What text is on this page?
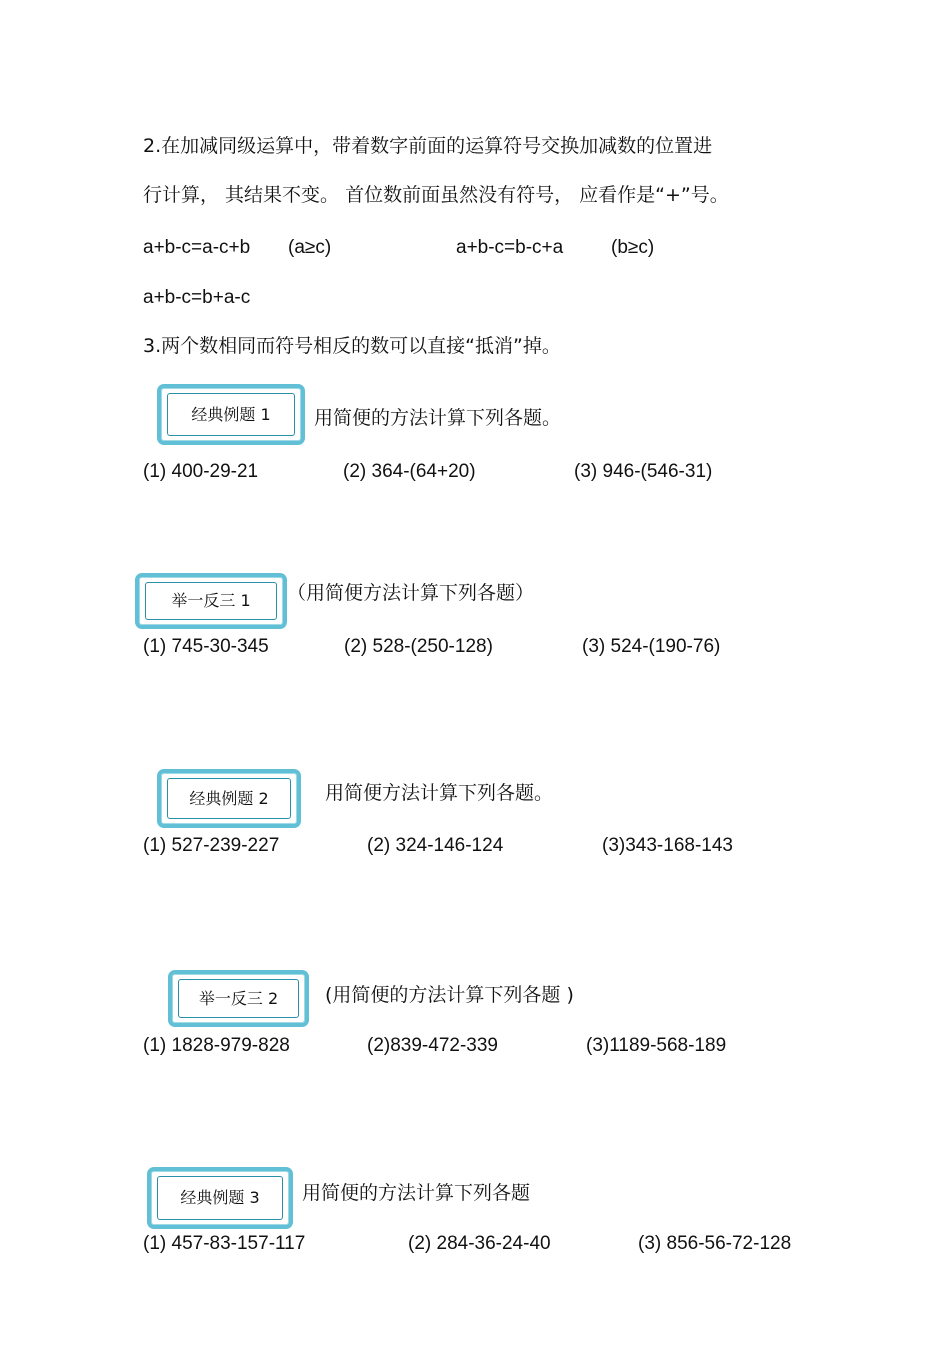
2.在加减同级运算中，带着数字前面的运算符号交换加减数的位置进
行计算， 其结果不变。 首位数前面虽然没有符号， 应看作是“+”号。
a+b-c=a-c+b (a≥c)	a+b-c=b-c+a	(b≥c)
a+b-c=b+a-c
3.两个数相同而符号相反的数可以直接“抵消”掉。
经典例题 1	用简便的方法计算下列各题。
(1) 400-29-21	(2) 364-(64+20)	(3) 946-(546-31)
举一反三 1	（用简便方法计算下列各题）
(1) 745-30-345	(2) 528-(250-128)	(3) 524-(190-76)
经典例题 2	用简便方法计算下列各题。
(1) 527-239-227	(2) 324-146-124	(3)343-168-143
举一反三 2	(用简便的方法计算下列各题 )
(1) 1828-979-828	(2)839-472-339	(3)1189-568-189
经典例题 3	用简便的方法计算下列各题
(1) 457-83-157-117	(2) 284-36-24-40	(3) 856-56-72-128
